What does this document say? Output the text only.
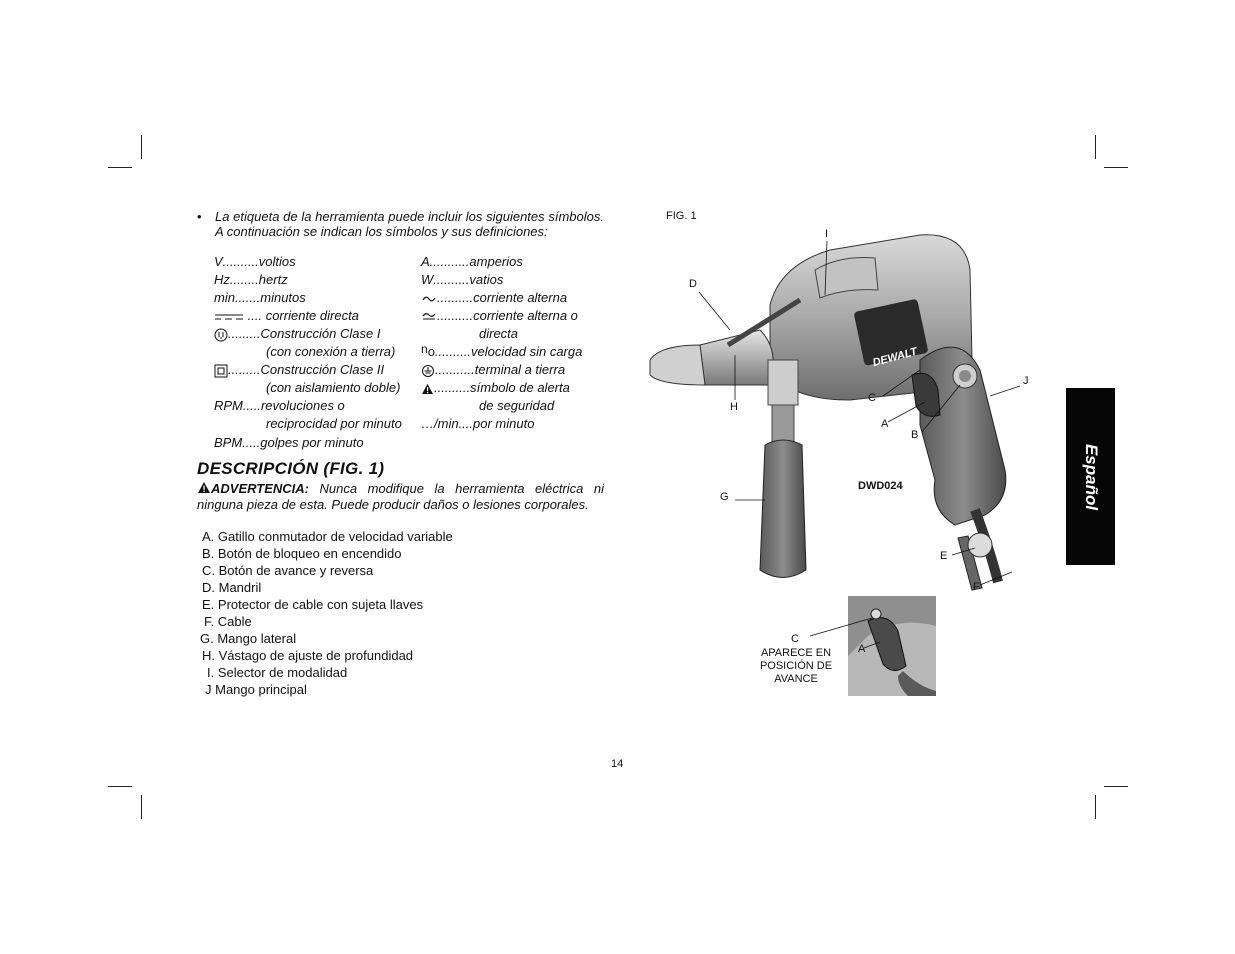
• La etiqueta de la herramienta puede incluir los siguientes símbolos. A continuación se indican los símbolos y sus definiciones:
V..........voltios
Hz........hertz
min.......minutos
.... corriente directa
.........Construcción Clase I
(con conexión a tierra)
.........Construcción Clase II
(con aislamiento doble)
RPM.....revoluciones o
reciprocidad por minuto
BPM.....golpes por minuto
A...........amperios
W..........vatios
..........corriente alterna
..........corriente alterna o
directa
no..........velocidad sin carga
...........terminal a tierra
..........símbolo de alerta
de seguridad
…/min....por minuto
DESCRIPCIÓN (FIG. 1)
ADVERTENCIA: Nunca modifique la herramienta eléctrica ni ninguna pieza de esta. Puede producir daños o lesiones corporales.
A. Gatillo conmutador de velocidad variable
B. Botón de bloqueo en encendido
C. Botón de avance y reversa
D. Mandril
E. Protector de cable con sujeta llaves
F. Cable
G. Mango lateral
H. Vástago de ajuste de profundidad
I. Selector de modalidad
J Mango principal
FIG. 1
DEWALT
I
D
H
C
A
B
J
G
E
F
DWD024
C
A
APARECE EN POSICIÓN DE AVANCE
14
Español
